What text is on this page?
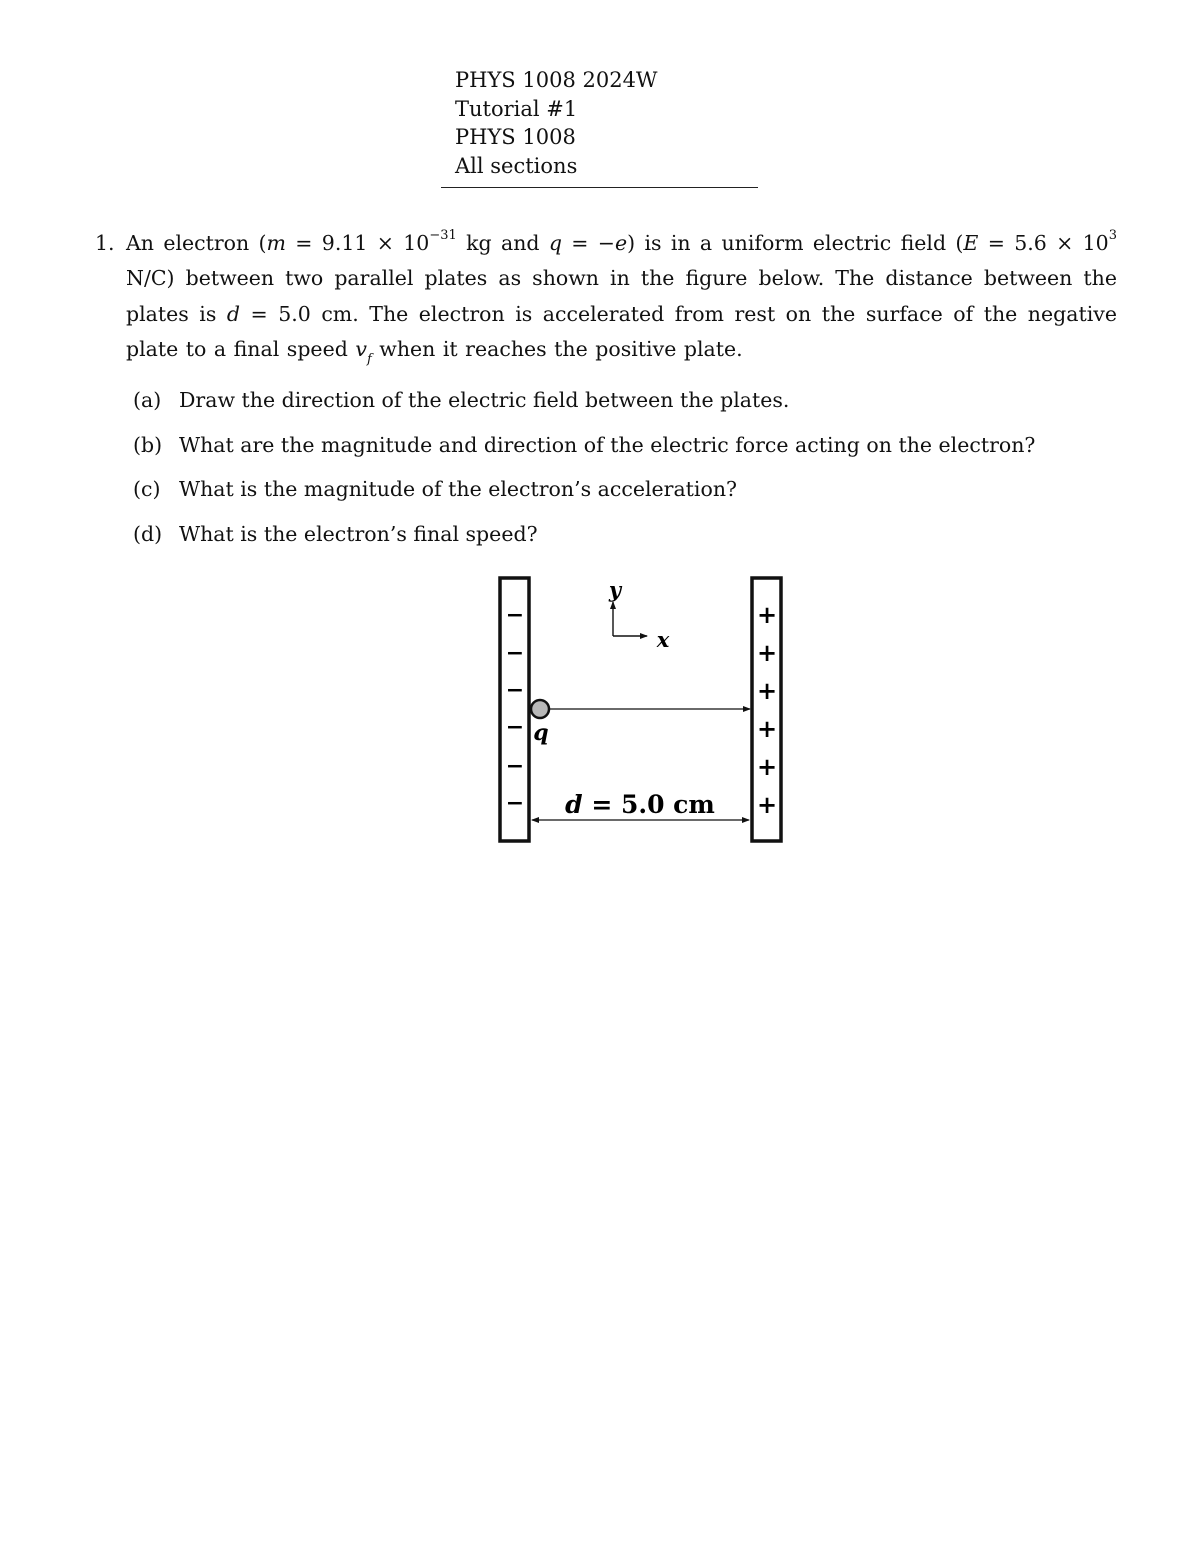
PHYS 1008 2024W
Tutorial #1
PHYS 1008
All sections
1. An electron ($m = 9.11 \times 10^{-31}$ kg and q = −e) is in a uniform electric field ($E = 5.6 \times 10^3$ N/C) between two parallel plates as shown in the figure below. The distance between the plates is d = 5.0 cm. The electron is accelerated from rest on the surface of the negative plate to a final speed $v_f$ when it reaches the positive plate.
(a) Draw the direction of the electric field between the plates.
(b) What are the magnitude and direction of the electric force acting on the electron?
(c) What is the magnitude of the electron’s acceleration?
(d) What is the electron’s final speed?
−
−
−
−
−
−
+
+
+
+
+
+
y
x
q
d = 5.0 cm
